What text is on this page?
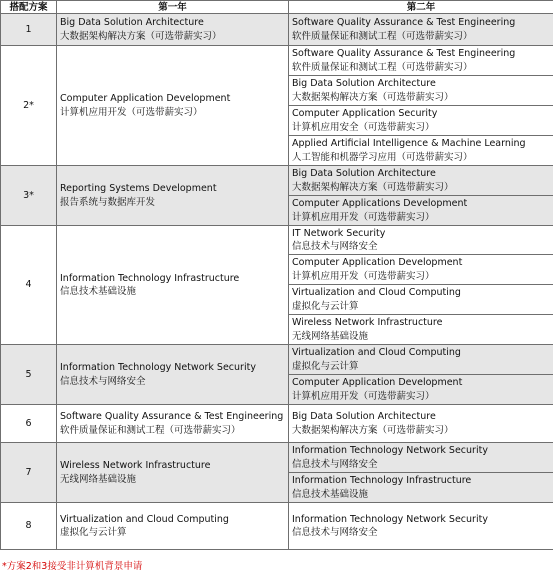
搭配方案	第一年	第二年
1	Big Data Solution Architecture
大数据架构解决方案（可选带薪实习）	Software Quality Assurance & Test Engineering
软件质量保证和测试工程（可选带薪实习）

2*	Computer Application Development
计算机应用开发（可选带薪实习）	Software Quality Assurance & Test Engineering
软件质量保证和测试工程（可选带薪实习）

		Big Data Solution Architecture
大数据架构解决方案（可选带薪实习）

		Computer Application Security
计算机应用安全（可选带薪实习）

		Applied Artificial Intelligence & Machine Learning
人工智能和机器学习应用（可选带薪实习）

3*	Reporting Systems Development
报告系统与数据库开发	Big Data Solution Architecture
大数据架构解决方案（可选带薪实习）

		Computer Applications Development
计算机应用开发（可选带薪实习）

4	Information Technology Infrastructure
信息技术基础设施	IT Network Security
信息技术与网络安全

		Computer Application Development
计算机应用开发（可选带薪实习）

		Virtualization and Cloud Computing
虚拟化与云计算

		Wireless Network Infrastructure
无线网络基础设施

5	Information Technology Network Security
信息技术与网络安全	Virtualization and Cloud Computing
虚拟化与云计算

		Computer Application Development
计算机应用开发（可选带薪实习）

6	Software Quality Assurance & Test Engineering
软件质量保证和测试工程（可选带薪实习）	Big Data Solution Architecture
大数据架构解决方案（可选带薪实习）

7	Wireless Network Infrastructure
无线网络基础设施	Information Technology Network Security
信息技术与网络安全

		Information Technology Infrastructure
信息技术基础设施

8	Virtualization and Cloud Computing
虚拟化与云计算	Information Technology Network Security
信息技术与网络安全
*方案2和3接受非计算机背景申请
